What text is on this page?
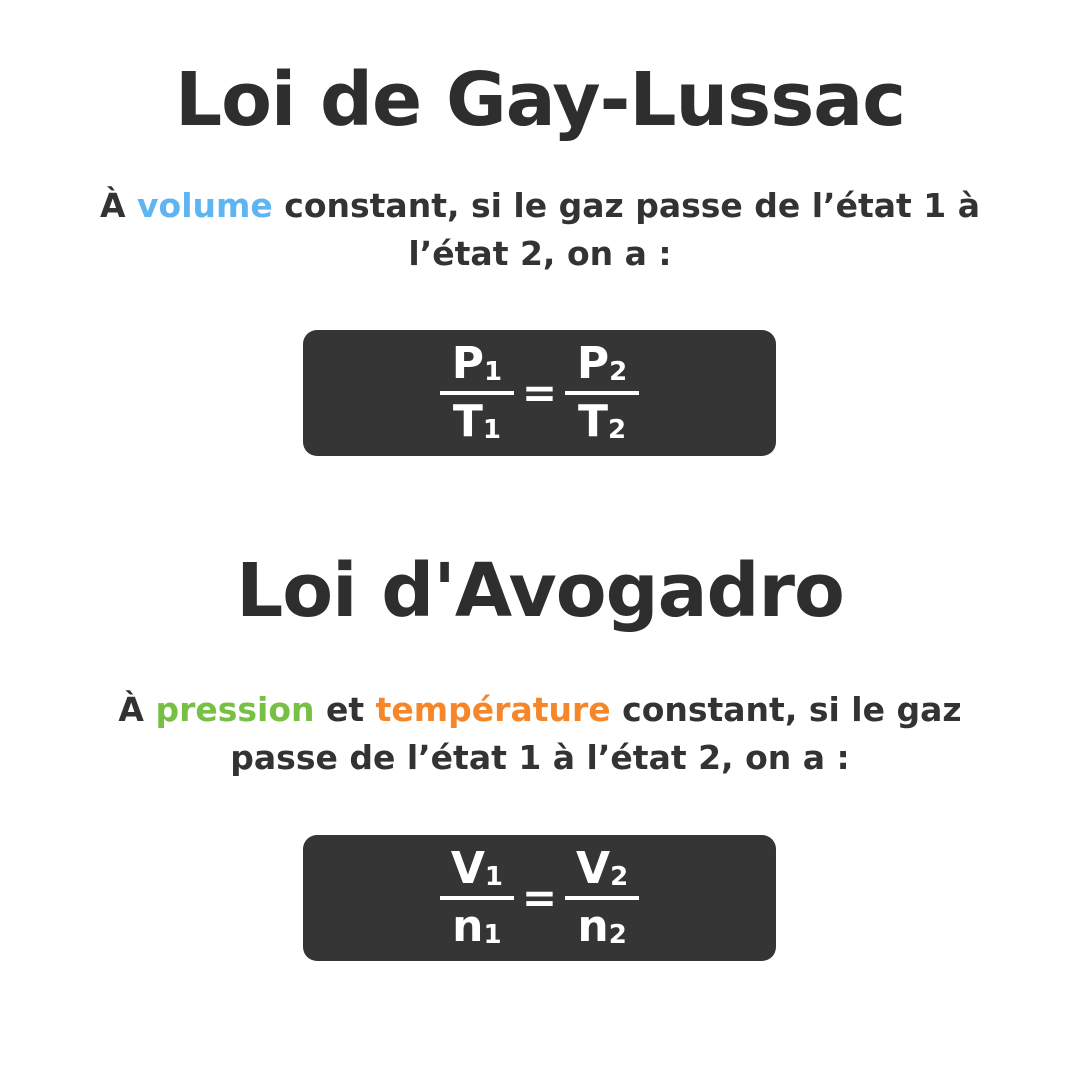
Loi de Gay-Lussac
À volume constant, si le gaz passe de l’état 1 à
l’état 2, on a :
$\frac{P_1}{T_1} = \frac{P_2}{T_2}$
Loi d'Avogadro
À pression et température constant, si le gaz
passe de l’état 1 à l’état 2, on a :
$\frac{V_1}{n_1} = \frac{V_2}{n_2}$
